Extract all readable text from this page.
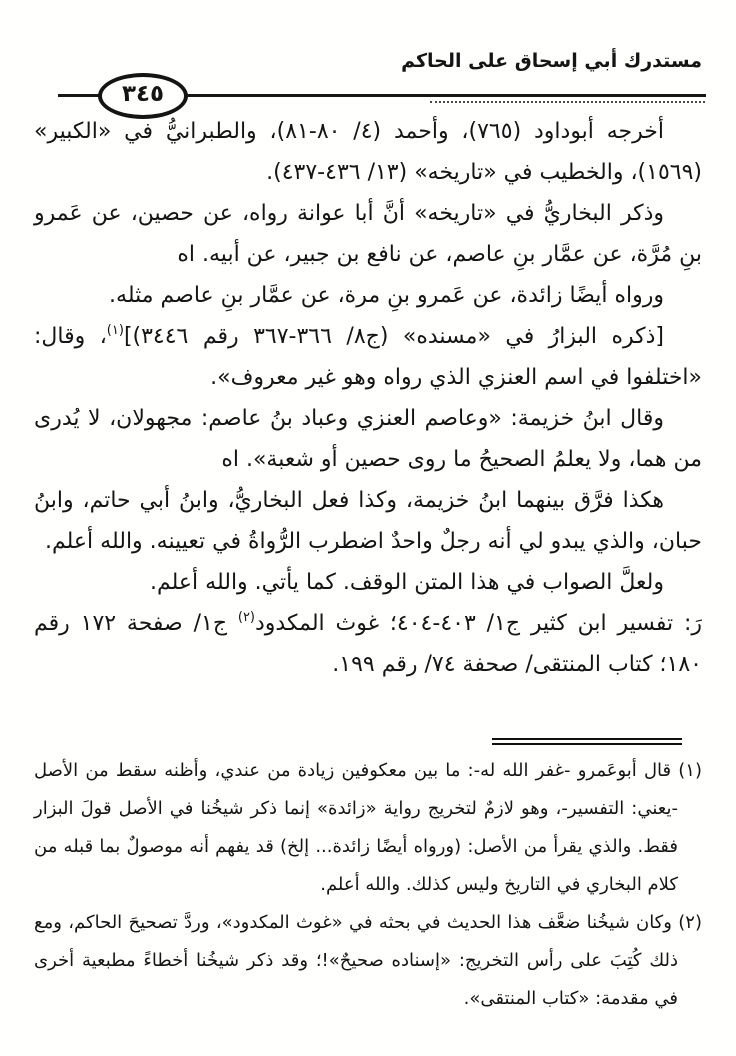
مستدرك أبي إسحاق على الحاكم
٣٤٥

أخرجه أبوداود (٧٦٥)، وأحمد (٤/ ٨٠-٨١)، والطبرانيُّ في «الكبير» (١٥٦٩)، والخطيب في «تاريخه» (١٣/ ٤٣٦-٤٣٧).

وذكر البخاريُّ في «تاريخه» أنَّ أبا عوانة رواه، عن حصين، عن عَمرو بنِ مُرَّة، عن عمَّار بنِ عاصم، عن نافع بن جبير، عن أبيه. اه

ورواه أيضًا زائدة، عن عَمرو بنِ مرة، عن عمَّار بنِ عاصم مثله.

[ذكره البزارُ في «مسنده» (ج٨/ ٣٦٦-٣٦٧ رقم ٣٤٤٦)]$^{(١)}$، وقال: «اختلفوا في اسم العنزي الذي رواه وهو غير معروف».

وقال ابنُ خزيمة: «وعاصم العنزي وعباد بنُ عاصم: مجهولان، لا يُدرى من هما، ولا يعلمُ الصحيحُ ما روى حصين أو شعبة». اه

هكذا فرَّق بينهما ابنُ خزيمة، وكذا فعل البخاريُّ، وابنُ أبي حاتم، وابنُ حبان، والذي يبدو لي أنه رجلٌ واحدٌ اضطرب الرُّواةُ في تعيينه. والله أعلم.

ولعلَّ الصواب في هذا المتن الوقف. كما يأتي. والله أعلم.

رَ: تفسير ابن كثير ج١/ ٤٠٣-٤٠٤؛ غوث المكدود$^{(٢)}$ ج١/ صفحة ١٧٢ رقم ١٨٠؛ كتاب المنتقى/ صحفة ٧٤/ رقم ١٩٩.

(١) قال أبوعَمرو -غفر الله له-: ما بين معكوفين زيادة من عندي، وأظنه سقط من الأصل -يعني: التفسير-، وهو لازمٌ لتخريج رواية «زائدة» إنما ذكر شيخُنا في الأصل قولَ البزار فقط. والذي يقرأ من الأصل: (ورواه أيضًا زائدة... إلخ) قد يفهم أنه موصولٌ بما قبله من كلام البخاري في التاريخ وليس كذلك. والله أعلم.

(٢) وكان شيخُنا ضعَّف هذا الحديث في بحثه في «غوث المكدود»، وردَّ تصحيحَ الحاكم، ومع ذلك كُتِبَ على رأس التخريج: «إسناده صحيحٌ»!؛ وقد ذكر شيخُنا أخطاءً مطبعية أخرى في مقدمة: «كتاب المنتقى».
